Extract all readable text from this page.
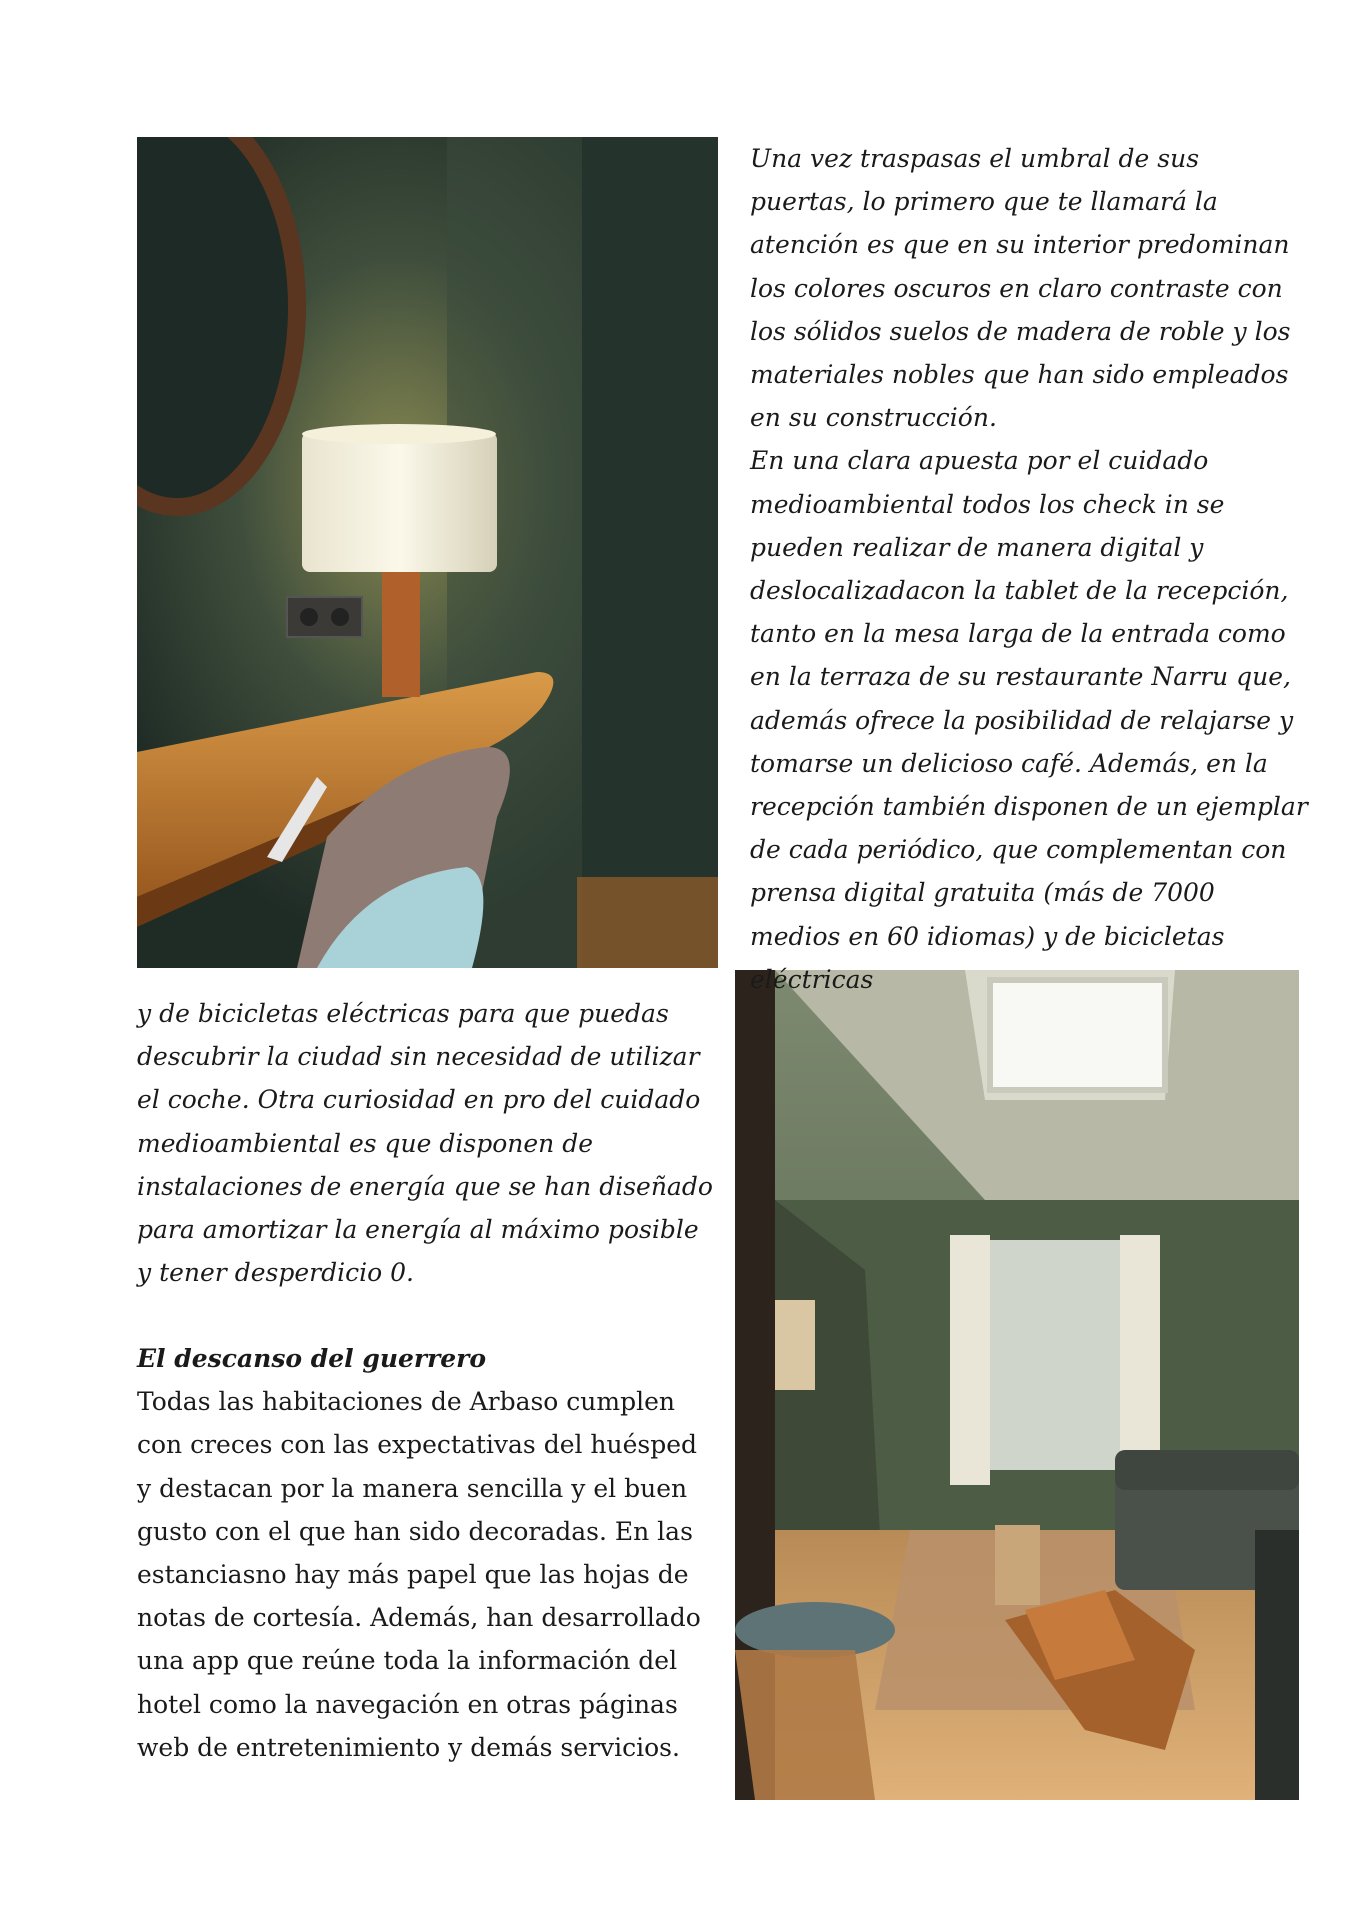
Una vez traspasas el umbral de sus puertas, lo primero que te llamará la atención es que en su interior predominan los colores oscuros en claro contraste con los sólidos suelos de madera de roble y los materiales nobles que han sido empleados en su construcción.
En una clara apuesta por el cuidado medioambiental todos los check in se pueden realizar de manera digital y deslocalizadacon la tablet de la recepción, tanto en la mesa larga de la entrada como en la terraza de su restaurante Narru que, además ofrece la posibilidad de relajarse y tomarse un delicioso café. Además, en la recepción también disponen de un ejemplar de cada periódico, que complementan con prensa digital gratuita (más de 7000 medios en 60 idiomas) y de bicicletas eléctricas
y de bicicletas eléctricas para que puedas descubrir la ciudad sin necesidad de utilizar el coche. Otra curiosidad en pro del cuidado medioambiental es que disponen de instalaciones de energía que se han diseñado para amortizar la energía al máximo posible y tener desperdicio 0.
El descanso del guerrero
Todas las habitaciones de Arbaso cumplen con creces con las expectativas del huésped y destacan por la manera sencilla y el buen gusto con el que han sido decoradas. En las estanciasno hay más papel que las hojas de notas de cortesía. Además, han desarrollado una app que reúne toda la información del hotel como la navegación en otras páginas web de entretenimiento y demás servicios.
